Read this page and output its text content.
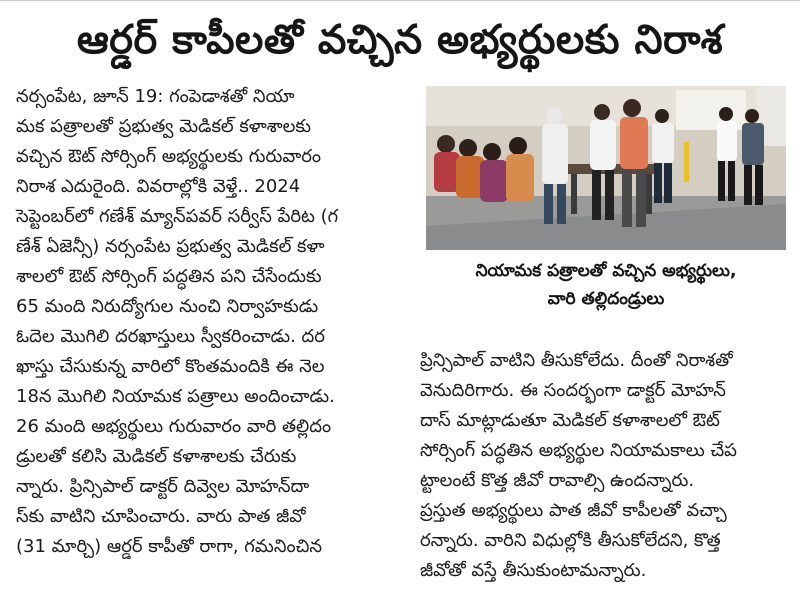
ఆర్డర్ కాపీలతో వచ్చిన అభ్యర్థులకు నిరాశ

నర్సంపేట, జూన్ 19: గంపెడాశతో నియా

మక పత్రాలతో ప్రభుత్వ మెడికల్ కళాశాలకు

వచ్చిన ఔట్ సోర్సింగ్ అభ్యర్థులకు గురువారం

నిరాశ ఎదురైంది. వివరాల్లోకి వెళ్తే.. 2024

సెప్టెంబర్‌లో గణేశ్ మ్యాన్‌పవర్ సర్వీస్ పేరిట (గ

ణేశ్ ఏజెన్సీ) నర్సంపేట ప్రభుత్వ మెడికల్ కళా

శాలలో ఔట్ సోర్సింగ్ పద్ధతిన పని చేసేందుకు

65 మంది నిరుద్యోగుల నుంచి నిర్వాహకుడు

ఓదెల మొగిలి దరఖాస్తులు స్వీకరించాడు. దర

ఖాస్తు చేసుకున్న వారిలో కొంతమందికి ఈ నెల

18న మొగిలి నియామక పత్రాలు అందించాడు.

26 మంది అభ్యర్థులు గురువారం వారి తల్లిదం

డ్రులతో కలిసి మెడికల్ కళాశాలకు చేరుకు

న్నారు. ప్రిన్సిపాల్ డాక్టర్ దివ్వెల మోహన్‌దా

స్‌కు వాటిని చూపించారు. వారు పాత జీవో

(31 మార్చి) ఆర్డర్ కాపీతో రాగా, గమనించిన

నియామక పత్రాలతో వచ్చిన అభ్యర్థులు,
వారి తల్లిదండ్రులు

ప్రిన్సిపాల్ వాటిని తీసుకోలేదు. దీంతో నిరాశతో

వెనుదిరిగారు. ఈ సందర్భంగా డాక్టర్ మోహన్

దాస్ మాట్లాడుతూ మెడికల్ కళాశాలలో ఔట్

సోర్సింగ్ పద్ధతిన అభ్యర్థుల నియామకాలు చేప

ట్టాలంటే కొత్త జీవో రావాల్సి ఉందన్నారు.

ప్రస్తుత అభ్యర్థులు పాత జీవో కాపీలతో వచ్చా

రన్నారు. వారిని విధుల్లోకి తీసుకోలేదని, కొత్త

జీవోతో వస్తే తీసుకుంటామన్నారు.
